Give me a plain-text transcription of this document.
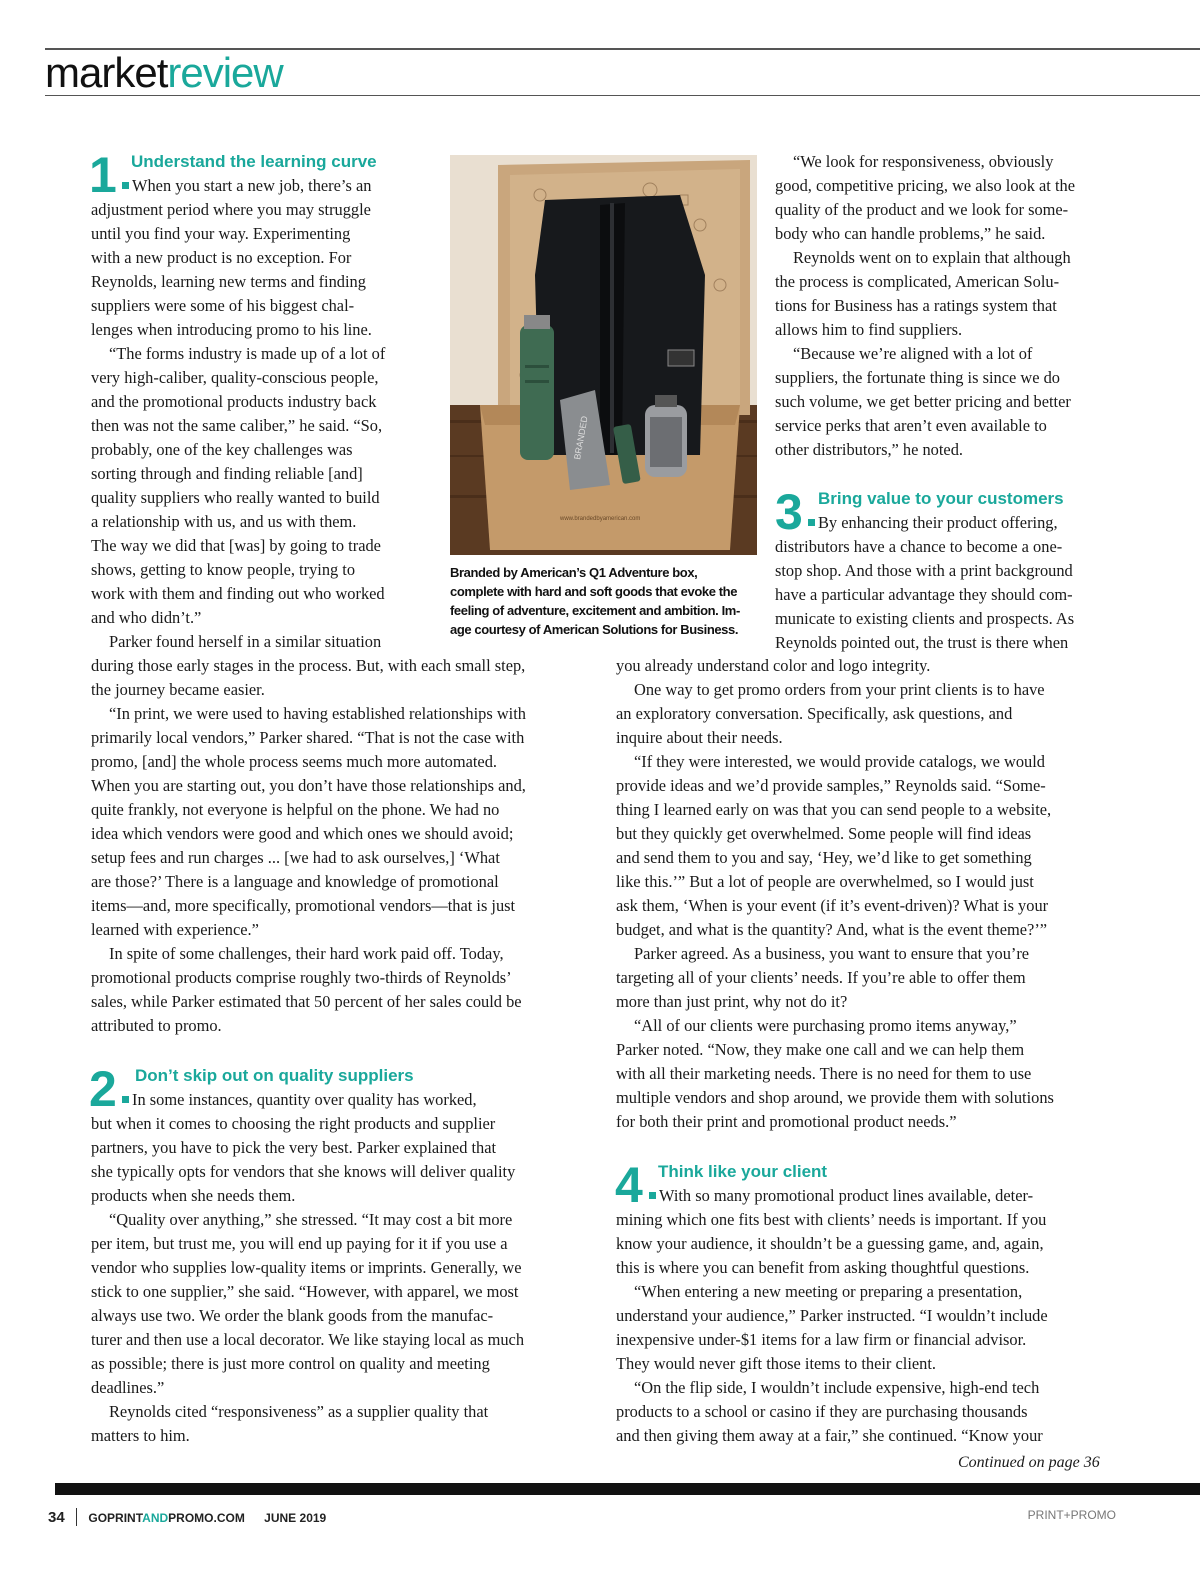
marketreview
1 Understand the learning curve

When you start a new job, there’s an

adjustment period where you may struggle

until you find your way. Experimenting

with a new product is no exception. For

Reynolds, learning new terms and finding

suppliers were some of his biggest chal-

lenges when introducing promo to his line.

“The forms industry is made up of a lot of

very high-caliber, quality-conscious people,

and the promotional products industry back

then was not the same caliber,” he said. “So,

probably, one of the key challenges was

sorting through and finding reliable [and]

quality suppliers who really wanted to build

a relationship with us, and us with them.

The way we did that [was] by going to trade

shows, getting to know people, trying to

work with them and finding out who worked

and who didn’t.”

Parker found herself in a similar situation

www.brandedbyamerican.com
BRANDED
Branded by American’s Q1 Adventure box,
complete with hard and soft goods that evoke the
feeling of adventure, excitement and ambition. Im-
age courtesy of American Solutions for Business.

during those early stages in the process. But, with each small step,

the journey became easier.

“In print, we were used to having established relationships with

primarily local vendors,” Parker shared. “That is not the case with

promo, [and] the whole process seems much more automated.

When you are starting out, you don’t have those relationships and,

quite frankly, not everyone is helpful on the phone. We had no

idea which vendors were good and which ones we should avoid;

setup fees and run charges ... [we had to ask ourselves,] ‘What

are those?’ There is a language and knowledge of promotional

items—and, more specifically, promotional vendors—that is just

learned with experience.”

In spite of some challenges, their hard work paid off. Today,

promotional products comprise roughly two-thirds of Reynolds’

sales, while Parker estimated that 50 percent of her sales could be

attributed to promo.

2 Don’t skip out on quality suppliers

In some instances, quantity over quality has worked,

but when it comes to choosing the right products and supplier

partners, you have to pick the very best. Parker explained that

she typically opts for vendors that she knows will deliver quality

products when she needs them.

“Quality over anything,” she stressed. “It may cost a bit more

per item, but trust me, you will end up paying for it if you use a

vendor who supplies low-quality items or imprints. Generally, we

stick to one supplier,” she said. “However, with apparel, we most

always use two. We order the blank goods from the manufac-

turer and then use a local decorator. We like staying local as much

as possible; there is just more control on quality and meeting

deadlines.”

Reynolds cited “responsiveness” as a supplier quality that

matters to him.

“We look for responsiveness, obviously

good, competitive pricing, we also look at the

quality of the product and we look for some-

body who can handle problems,” he said.

Reynolds went on to explain that although

the process is complicated, American Solu-

tions for Business has a ratings system that

allows him to find suppliers.

“Because we’re aligned with a lot of

suppliers, the fortunate thing is since we do

such volume, we get better pricing and better

service perks that aren’t even available to

other distributors,” he noted.

3 Bring value to your customers

By enhancing their product offering,

distributors have a chance to become a one-

stop shop. And those with a print background

have a particular advantage they should com-

municate to existing clients and prospects. As

Reynolds pointed out, the trust is there when

you already understand color and logo integrity.

One way to get promo orders from your print clients is to have

an exploratory conversation. Specifically, ask questions, and

inquire about their needs.

“If they were interested, we would provide catalogs, we would

provide ideas and we’d provide samples,” Reynolds said. “Some-

thing I learned early on was that you can send people to a website,

but they quickly get overwhelmed. Some people will find ideas

and send them to you and say, ‘Hey, we’d like to get something

like this.’” But a lot of people are overwhelmed, so I would just

ask them, ‘When is your event (if it’s event-driven)? What is your

budget, and what is the quantity? And, what is the event theme?’”

Parker agreed. As a business, you want to ensure that you’re

targeting all of your clients’ needs. If you’re able to offer them

more than just print, why not do it?

“All of our clients were purchasing promo items anyway,”

Parker noted. “Now, they make one call and we can help them

with all their marketing needs. There is no need for them to use

multiple vendors and shop around, we provide them with solutions

for both their print and promotional product needs.”

4 Think like your client

With so many promotional product lines available, deter-

mining which one fits best with clients’ needs is important. If you

know your audience, it shouldn’t be a guessing game, and, again,

this is where you can benefit from asking thoughtful questions.

“When entering a new meeting or preparing a presentation,

understand your audience,” Parker instructed. “I wouldn’t include

inexpensive under-$1 items for a law firm or financial advisor.

They would never gift those items to their client.

“On the flip side, I wouldn’t include expensive, high-end tech

products to a school or casino if they are purchasing thousands

and then giving them away at a fair,” she continued. “Know your

Continued on page 36
34 GOPRINTANDPROMO.COM JUNE 2019	PRINT+PROMO
